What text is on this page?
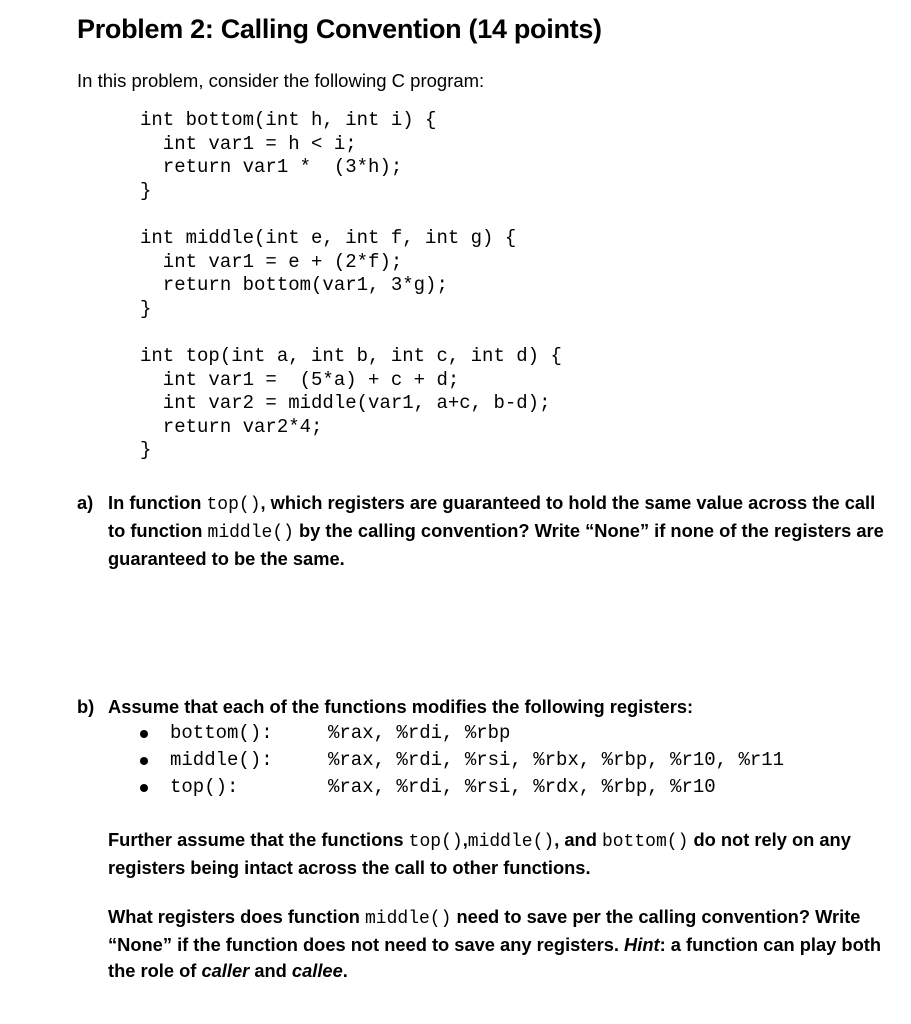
Problem 2: Calling Convention (14 points)
In this problem, consider the following C program:
int bottom(int h, int i) {
int var1 = h < i;
return var1 *  (3*h);
}
int middle(int e, int f, int g) {
int var1 = e + (2*f);
return bottom(var1, 3*g);
}
int top(int a, int b, int c, int d) {
int var1 =  (5*a) + c + d;
int var2 = middle(var1, a+c, b-d);
return var2*4;
}
a) In function top(), which registers are guaranteed to hold the same value across the call to function middle() by the calling convention? Write “None” if none of the registers are guaranteed to be the same.
b) Assume that each of the functions modifies the following registers:
bottom():	%rax, %rdi, %rbp
middle():	%rax, %rdi, %rsi, %rbx, %rbp, %r10, %r11
top():	%rax, %rdi, %rsi, %rdx, %rbp, %r10
Further assume that the functions top(),middle(), and bottom() do not rely on any registers being intact across the call to other functions.
What registers does function middle() need to save per the calling convention? Write “None” if the function does not need to save any registers. Hint: a function can play both the role of caller and callee.
